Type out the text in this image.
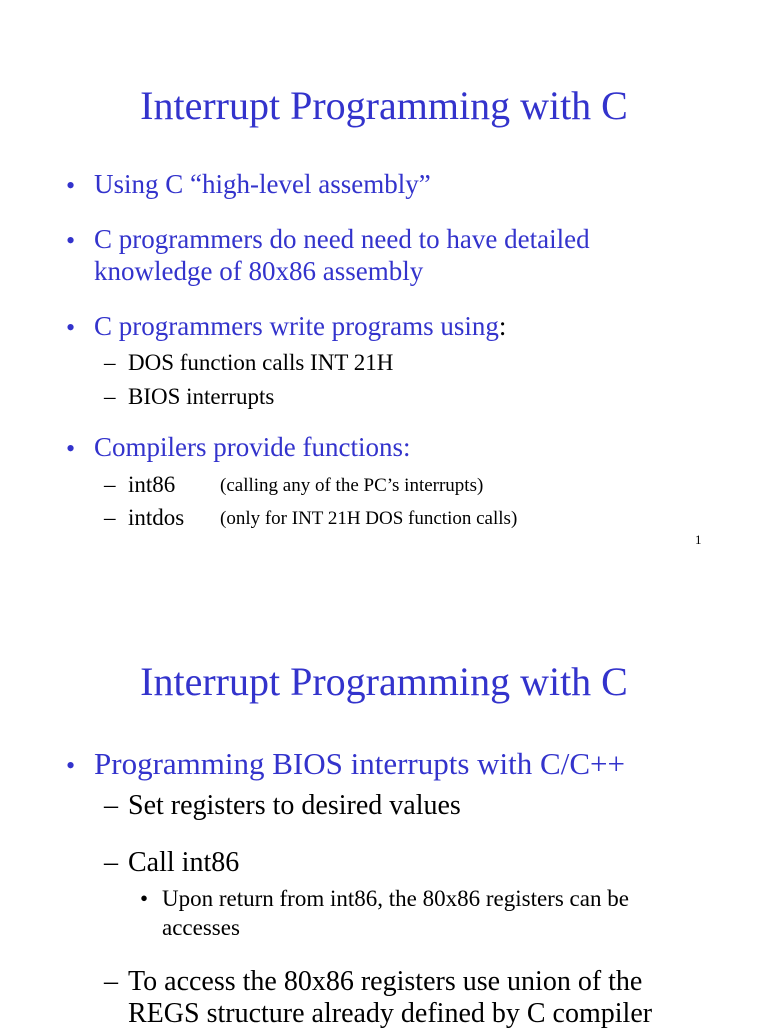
Interrupt Programming with C
• Using C “high-level assembly”
• C programmers do need need to have detailed
knowledge of 80x86 assembly
• C programmers write programs using:
– DOS function calls INT 21H
– BIOS interrupts
• Compilers provide functions:
– int86 (calling any of the PC’s interrupts)
– intdos (only for INT 21H DOS function calls)
1
Interrupt Programming with C
• Programming BIOS interrupts with C/C++
– Set registers to desired values
– Call int86
• Upon return from int86, the 80x86 registers can be
accesses
– To access the 80x86 registers use union of the
REGS structure already defined by C compiler
